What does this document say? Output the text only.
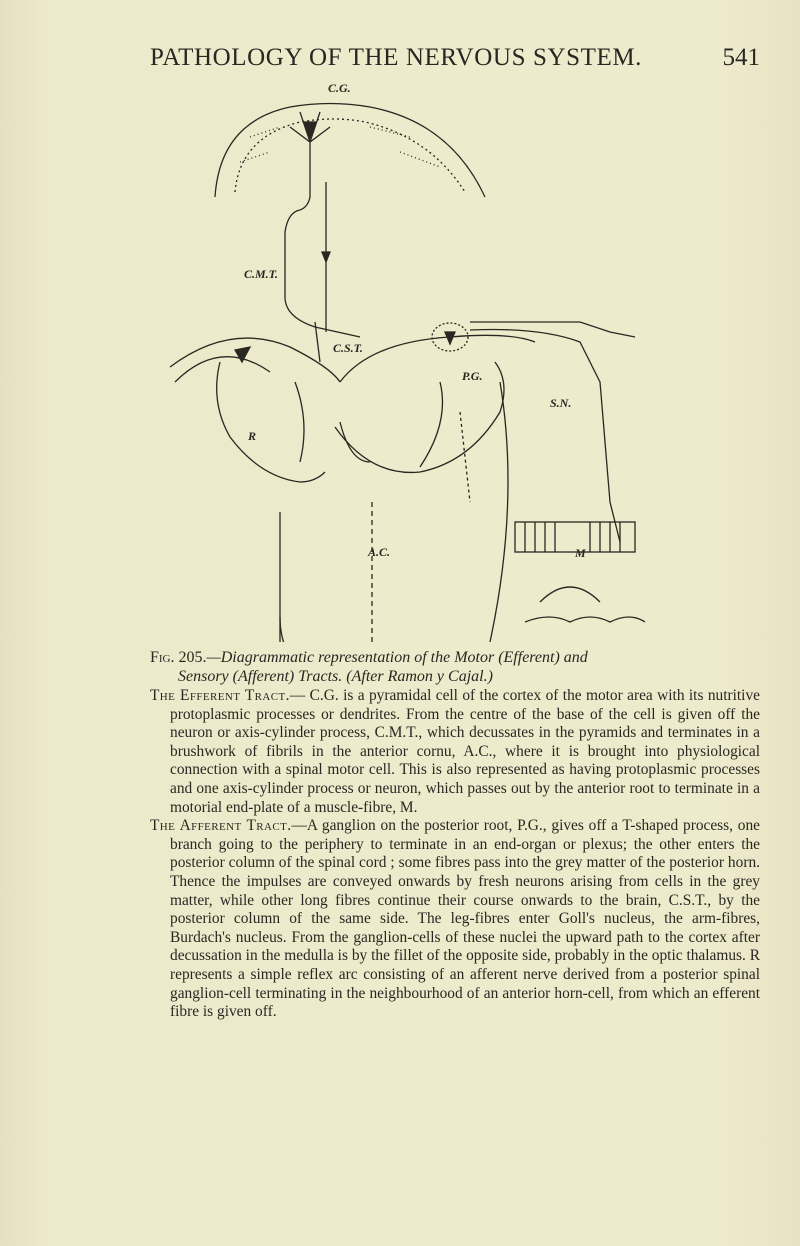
PATHOLOGY OF THE NERVOUS SYSTEM.	541
C.G.
C.M.T.
C.S.T.
P.G.
S.N.
R
A.C.	M
Fig. 205.—Diagrammatic representation of the Motor (Efferent) and
Sensory (Afferent) Tracts. (After Ramon y Cajal.)

The Efferent Tract.— C.G. is a pyramidal cell of the cortex of the motor area with its nutritive protoplasmic processes or dendrites. From the centre of the base of the cell is given off the neuron or axis-cylinder process, C.M.T., which decussates in the pyramids and terminates in a brushwork of fibrils in the anterior cornu, A.C., where it is brought into physiological connection with a spinal motor cell. This is also represented as having protoplasmic processes and one axis-cylinder process or neuron, which passes out by the anterior root to terminate in a motorial end-plate of a muscle-fibre, M.

The Afferent Tract.—A ganglion on the posterior root, P.G., gives off a T-shaped process, one branch going to the periphery to terminate in an end-organ or plexus; the other enters the posterior column of the spinal cord ; some fibres pass into the grey matter of the posterior horn. Thence the impulses are conveyed onwards by fresh neurons arising from cells in the grey matter, while other long fibres continue their course onwards to the brain, C.S.T., by the posterior column of the same side. The leg-fibres enter Goll's nucleus, the arm-fibres, Burdach's nucleus. From the ganglion-cells of these nuclei the upward path to the cortex after decussation in the medulla is by the fillet of the opposite side, probably in the optic thalamus. R represents a simple reflex arc consisting of an afferent nerve derived from a posterior spinal ganglion-cell terminating in the neighbourhood of an anterior horn-cell, from which an efferent fibre is given off.
